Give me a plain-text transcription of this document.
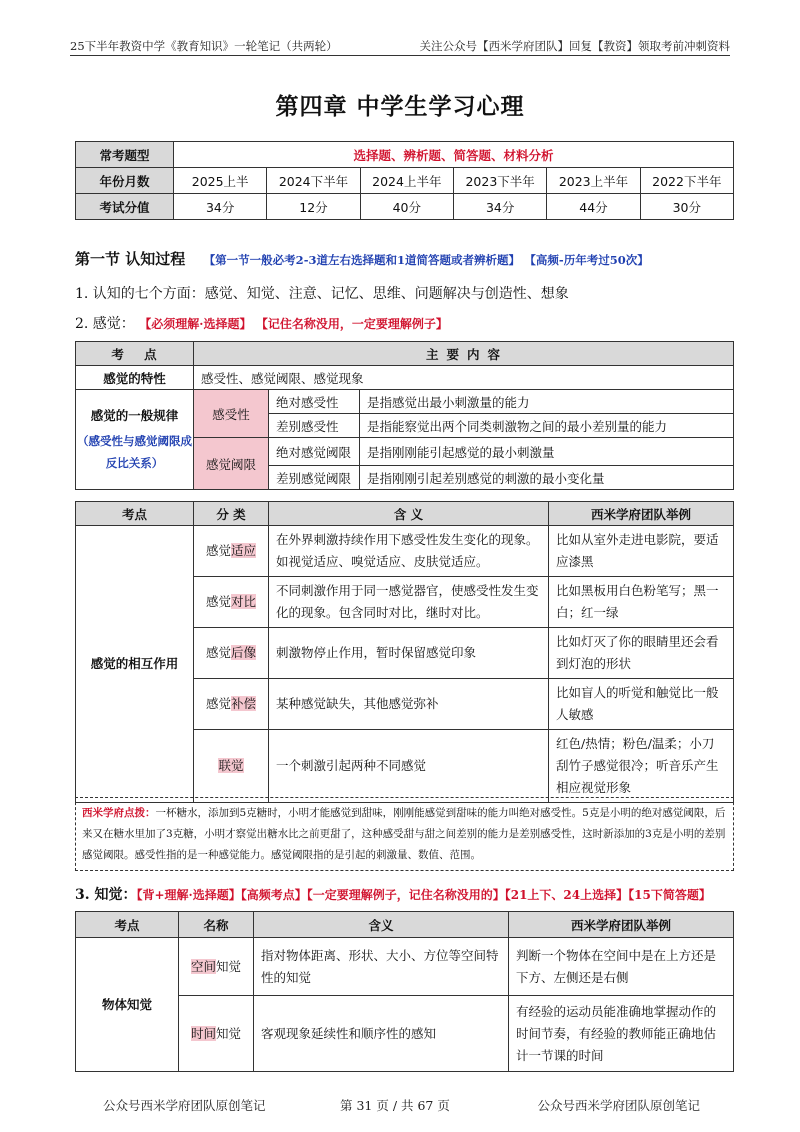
25下半年教资中学《教育知识》一轮笔记（共两轮）	关注公众号【西米学府团队】回复【教资】领取考前冲刺资料
第四章 中学生学习心理
常考题型	选择题、辨析题、简答题、材料分析					
年份月数	2025上半	2024下半年	2024上半年	2023下半年	2023上半年	2022下半年
考试分值	34分	12分	40分	34分	44分	30分
第一节 认知过程 【第一节一般必考2-3道左右选择题和1道简答题或者辨析题】 【高频-历年考过50次】
1. 认知的七个方面：感觉、知觉、注意、记忆、思维、问题解决与创造性、想象
2. 感觉： 【必须理解·选择题】 【记住名称没用，一定要理解例子】
考 点	主要内容		
感觉的特性	感受性、感觉阈限、感觉现象		

感觉的一般规律
（感受性与感觉阈限成反比关系）	感受性	绝对感受性	是指感觉出最小刺激量的能力
		差别感受性	是指能察觉出两个同类刺激物之间的最小差别量的能力
	感觉阈限	绝对感觉阈限	是指刚刚能引起感觉的最小刺激量
		差别感觉阈限	是指刚刚引起差别感觉的刺激的最小变化量
考点	分 类	含 义	西米学府团队举例
感觉的相互作用	感觉适应	在外界刺激持续作用下感受性发生变化的现象。如视觉适应、嗅觉适应、皮肤觉适应。	比如从室外走进电影院，要适应漆黑
	感觉对比	不同刺激作用于同一感觉器官，使感受性发生变化的现象。包含同时对比，继时对比。	比如黑板用白色粉笔写；黑一白；红一绿
	感觉后像	刺激物停止作用，暂时保留感觉印象	比如灯灭了你的眼睛里还会看到灯泡的形状
	感觉补偿	某种感觉缺失，其他感觉弥补	比如盲人的听觉和触觉比一般人敏感
	联觉	一个刺激引起两种不同感觉	红色/热情；粉色/温柔；小刀刮竹子感觉很冷；听音乐产生相应视觉形象
西米学府点拨：一杯糖水，添加到5克糖时，小明才能感觉到甜味，刚刚能感觉到甜味的能力叫绝对感受性。5克是小明的绝对感觉阈限，后来又在糖水里加了3克糖，小明才察觉出糖水比之前更甜了，这种感受甜与甜之间差别的能力是差别感受性，这时新添加的3克是小明的差别感觉阈限。感受性指的是一种感觉能力。感觉阈限指的是引起的刺激量、数值、范围。
3. 知觉：【背+理解·选择题】【高频考点】【一定要理解例子，记住名称没用的】【21上下、24上选择】【15下简答题】
考点	名称	含义	西米学府团队举例
物体知觉	空间知觉	指对物体距离、形状、大小、方位等空间特性的知觉	判断一个物体在空间中是在上方还是下方、左侧还是右侧
	时间知觉	客观现象延续性和顺序性的感知	有经验的运动员能准确地掌握动作的时间节奏，有经验的教师能正确地估计一节课的时间
公众号西米学府团队原创笔记	第 31 页 / 共 67 页	公众号西米学府团队原创笔记
